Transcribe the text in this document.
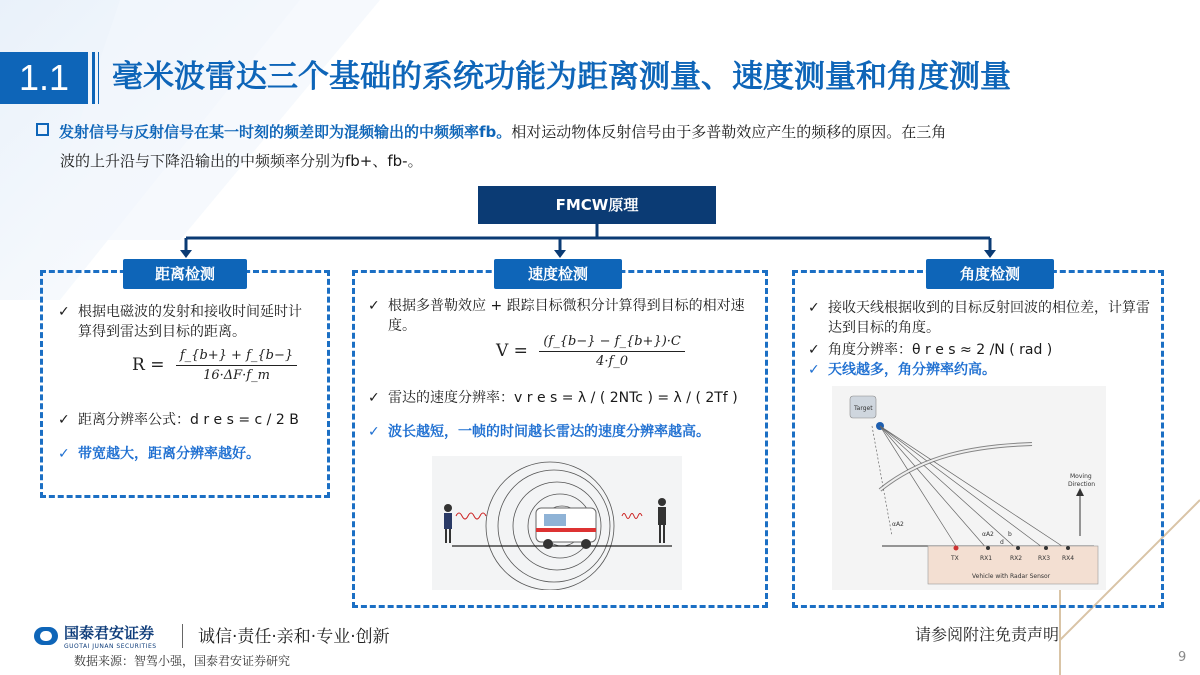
1.1	毫米波雷达三个基础的系统功能为距离测量、速度测量和角度测量
发射信号与反射信号在某一时刻的频差即为混频输出的中频频率fb。相对运动物体反射信号由于多普勒效应产生的频移的原因。在三角
波的上升沿与下降沿输出的中频频率分别为fb+、fb-。
FMCW原理
距离检测
✓ 根据电磁波的发射和接收时间延时计算得到雷达到目标的距离。
$R = \frac{f\_\{b+\} + f\_\{b-\}}{16\cdot\Delta F\cdot f\_m}$
✓ 距离分辨率公式：d r e s = c / 2 B
✓ 带宽越大，距离分辨率越好。
速度检测
✓ 根据多普勒效应 + 跟踪目标微积分计算得到目标的相对速度。
$V = \frac{(f\_\{b-\} - f\_\{b+\})\cdot C}{4\cdot f\_0}$
✓ 雷达的速度分辨率：v r e s = λ / ( 2NTc ) = λ / ( 2Tf )
✓ 波长越短，一帧的时间越长雷达的速度分辨率越高。
角度检测
✓ 接收天线根据收到的目标反射回波的相位差，计算雷达到目标的角度。
✓ 角度分辨率：θ r e s ≈ 2 /N ( rad )
✓ 天线越多，角分辨率约高。
Target
Direction
Moving
αA2
αA2 b
d
TX	RX1	RX2	RX3 RX4
Vehicle with Radar Sensor
国泰君安证券
GUOTAI JUNAN SECURITIES 诚信·责任·亲和·专业·创新
数据来源：智驾小强，国泰君安证券研究
请参阅附注免责声明
9
